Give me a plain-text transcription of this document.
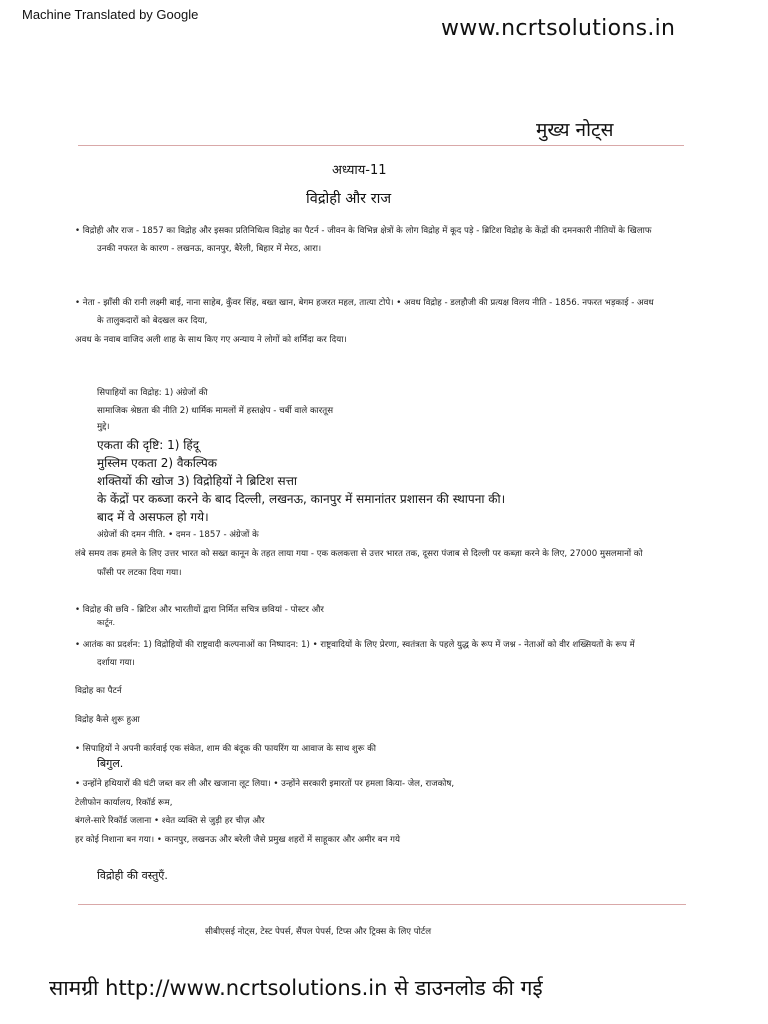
Machine Translated by Google
www.ncrtsolutions.in
मुख्य नोट्स
अध्याय-11
विद्रोही और राज
• विद्रोही और राज - 1857 का विद्रोह और इसका प्रतिनिधित्व विद्रोह का पैटर्न - जीवन के विभिन्न क्षेत्रों के लोग विद्रोह में कूद पड़े - ब्रिटिश विद्रोह के केंद्रों की दमनकारी नीतियों के खिलाफ
उनकी नफरत के कारण - लखनऊ, कानपुर, बैरेली, बिहार में मेरठ, आरा।
• नेता - झाँसी की रानी लक्ष्मी बाई, नाना साहेब, कुँवर सिंह, बख्त खान, बेगम हजरत महल, तात्या टोपे। • अवध विद्रोह - डलहौजी की प्रत्यक्ष विलय नीति - 1856. नफरत भड़काई - अवध
के तालुकदारों को बेदखल कर दिया,
अवध के नवाब वाजिद अली शाह के साथ किए गए अन्याय ने लोगों को शर्मिंदा कर दिया।
सिपाहियों का विद्रोह: 1) अंग्रेजों की
सामाजिक श्रेष्ठता की नीति 2) धार्मिक मामलों में हस्तक्षेप - चर्बी वाले कारतूस
मुद्दे।
एकता की दृष्टि: 1) हिंदू
मुस्लिम एकता 2) वैकल्पिक
शक्तियों की खोज 3) विद्रोहियों ने ब्रिटिश सत्ता
के केंद्रों पर कब्जा करने के बाद दिल्ली, लखनऊ, कानपुर में समानांतर प्रशासन की स्थापना की।
बाद में वे असफल हो गये।
अंग्रेजों की दमन नीति. • दमन - 1857 - अंग्रेजों के
लंबे समय तक हमले के लिए उत्तर भारत को सख्त कानून के तहत लाया गया - एक कलकत्ता से उत्तर भारत तक, दूसरा पंजाब से दिल्ली पर कब्ज़ा करने के लिए, 27000 मुसलमानों को
फाँसी पर लटका दिया गया।
• विद्रोह की छवि - ब्रिटिश और भारतीयों द्वारा निर्मित सचित्र छवियां - पोस्टर और
कार्टून.
• आतंक का प्रदर्शन: 1) विद्रोहियों की राष्ट्रवादी कल्पनाओं का निष्पादन: 1) • राष्ट्रवादियों के लिए प्रेरणा, स्वतंत्रता के पहले युद्ध के रूप में जश्न - नेताओं को वीर शख्सियतों के रूप में
दर्शाया गया।
विद्रोह का पैटर्न
विद्रोह कैसे शुरू हुआ
• सिपाहियों ने अपनी कार्रवाई एक संकेत, शाम की बंदूक की फायरिंग या आवाज के साथ शुरू की
बिगुल.
• उन्होंने हथियारों की घंटी जब्त कर ली और खजाना लूट लिया। • उन्होंने सरकारी इमारतों पर हमला किया- जेल, राजकोष,
टेलीफोन कार्यालय, रिकॉर्ड रूम,
बंगले-सारे रिकॉर्ड जलाना • श्वेत व्यक्ति से जुड़ी हर चीज़ और
हर कोई निशाना बन गया। • कानपुर, लखनऊ और बरेली जैसे प्रमुख शहरों में साहूकार और अमीर बन गये
विद्रोही की वस्तुएँ.
सीबीएसई नोट्स, टेस्ट पेपर्स, सैंपल पेपर्स, टिप्स और ट्रिक्स के लिए पोर्टल
सामग्री http://www.ncrtsolutions.in से डाउनलोड की गई
